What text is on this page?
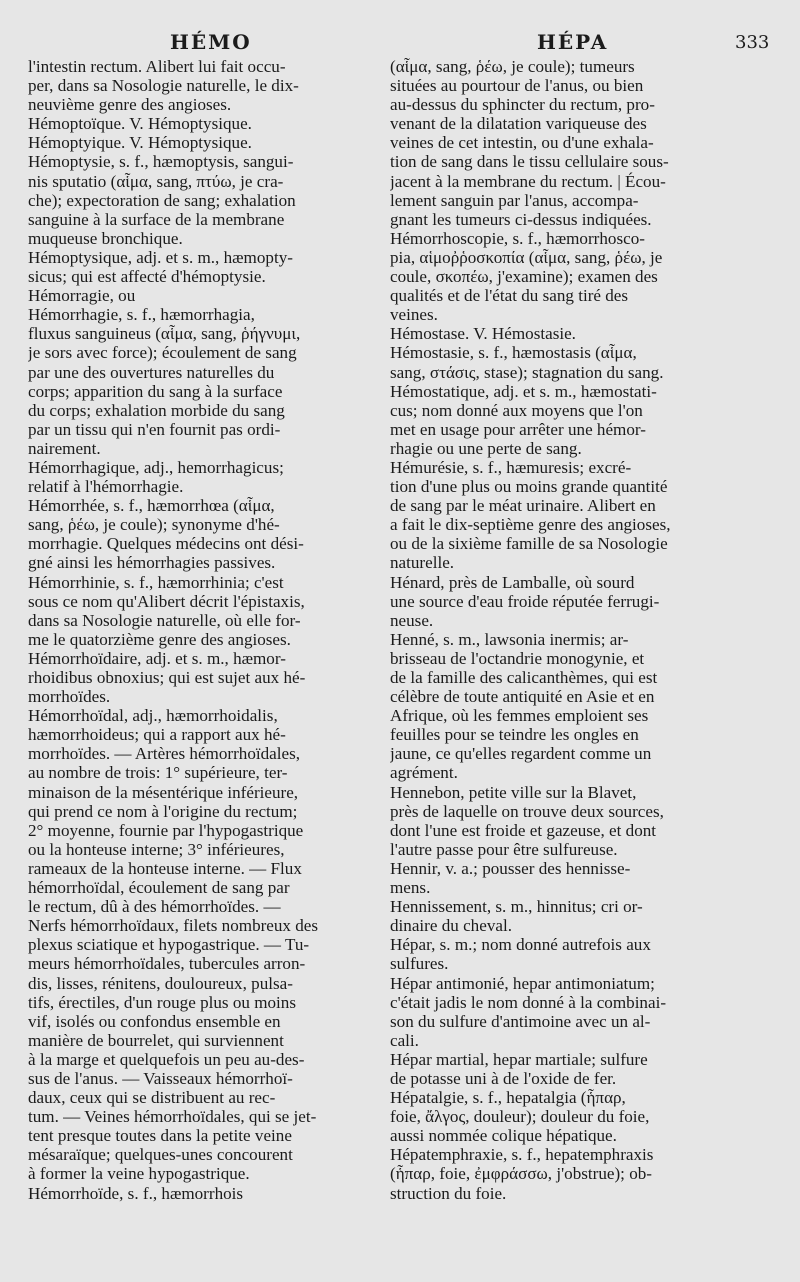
HÉMO	HÉPA	333
l'intestin rectum. Alibert lui fait occu-
per, dans sa Nosologie naturelle, le dix-
neuvième genre des angioses.
Hémoptoïque. V. Hémoptysique.
Hémoptyique. V. Hémoptysique.
Hémoptysie, s. f., hæmoptysis, sangui-
nis sputatio (αἷμα, sang, πτύω, je cra-
che); expectoration de sang; exhalation
sanguine à la surface de la membrane
muqueuse bronchique.
Hémoptysique, adj. et s. m., hæmopty-
sicus; qui est affecté d'hémoptysie.
Hémorragie, ou
Hémorrhagie, s. f., hæmorrhagia,
fluxus sanguineus (αἷμα, sang, ῥήγνυμι,
je sors avec force); écoulement de sang
par une des ouvertures naturelles du
corps; apparition du sang à la surface
du corps; exhalation morbide du sang
par un tissu qui n'en fournit pas ordi-
nairement.
Hémorrhagique, adj., hemorrhagicus;
relatif à l'hémorrhagie.
Hémorrhée, s. f., hæmorrhœa (αἷμα,
sang, ῥέω, je coule); synonyme d'hé-
morrhagie. Quelques médecins ont dési-
gné ainsi les hémorrhagies passives.
Hémorrhinie, s. f., hæmorrhinia; c'est
sous ce nom qu'Alibert décrit l'épistaxis,
dans sa Nosologie naturelle, où elle for-
me le quatorzième genre des angioses.
Hémorrhoïdaire, adj. et s. m., hæmor-
rhoidibus obnoxius; qui est sujet aux hé-
morrhoïdes.
Hémorrhoïdal, adj., hæmorrhoidalis,
hæmorrhoideus; qui a rapport aux hé-
morrhoïdes. — Artères hémorrhoïdales,
au nombre de trois: 1° supérieure, ter-
minaison de la mésentérique inférieure,
qui prend ce nom à l'origine du rectum;
2° moyenne, fournie par l'hypogastrique
ou la honteuse interne; 3° inférieures,
rameaux de la honteuse interne. — Flux
hémorrhoïdal, écoulement de sang par
le rectum, dû à des hémorrhoïdes. —
Nerfs hémorrhoïdaux, filets nombreux des
plexus sciatique et hypogastrique. — Tu-
meurs hémorrhoïdales, tubercules arron-
dis, lisses, rénitens, douloureux, pulsa-
tifs, érectiles, d'un rouge plus ou moins
vif, isolés ou confondus ensemble en
manière de bourrelet, qui surviennent
à la marge et quelquefois un peu au-des-
sus de l'anus. — Vaisseaux hémorrhoï-
daux, ceux qui se distribuent au rec-
tum. — Veines hémorrhoïdales, qui se jet-
tent presque toutes dans la petite veine
mésaraïque; quelques-unes concourent
à former la veine hypogastrique.
Hémorrhoïde, s. f., hæmorrhois
(αἷμα, sang, ῥέω, je coule); tumeurs
situées au pourtour de l'anus, ou bien
au-dessus du sphincter du rectum, pro-
venant de la dilatation variqueuse des
veines de cet intestin, ou d'une exhala-
tion de sang dans le tissu cellulaire sous-
jacent à la membrane du rectum. | Écou-
lement sanguin par l'anus, accompa-
gnant les tumeurs ci-dessus indiquées.
Hémorrhoscopie, s. f., hæmorrhosco-
pia, αἱμοῤῥοσκοπία (αἷμα, sang, ῥέω, je
coule, σκοπέω, j'examine); examen des
qualités et de l'état du sang tiré des
veines.
Hémostase. V. Hémostasie.
Hémostasie, s. f., hæmostasis (αἷμα,
sang, στάσις, stase); stagnation du sang.
Hémostatique, adj. et s. m., hæmostati-
cus; nom donné aux moyens que l'on
met en usage pour arrêter une hémor-
rhagie ou une perte de sang.
Hémurésie, s. f., hæmuresis; excré-
tion d'une plus ou moins grande quantité
de sang par le méat urinaire. Alibert en
a fait le dix-septième genre des angioses,
ou de la sixième famille de sa Nosologie
naturelle.
Hénard, près de Lamballe, où sourd
une source d'eau froide réputée ferrugi-
neuse.
Henné, s. m., lawsonia inermis; ar-
brisseau de l'octandrie monogynie, et
de la famille des calicanthèmes, qui est
célèbre de toute antiquité en Asie et en
Afrique, où les femmes emploient ses
feuilles pour se teindre les ongles en
jaune, ce qu'elles regardent comme un
agrément.
Hennebon, petite ville sur la Blavet,
près de laquelle on trouve deux sources,
dont l'une est froide et gazeuse, et dont
l'autre passe pour être sulfureuse.
Hennir, v. a.; pousser des hennisse-
mens.
Hennissement, s. m., hinnitus; cri or-
dinaire du cheval.
Hépar, s. m.; nom donné autrefois aux
sulfures.
Hépar antimonié, hepar antimoniatum;
c'était jadis le nom donné à la combinai-
son du sulfure d'antimoine avec un al-
cali.
Hépar martial, hepar martiale; sulfure
de potasse uni à de l'oxide de fer.
Hépatalgie, s. f., hepatalgia (ἧπαρ,
foie, ἄλγος, douleur); douleur du foie,
aussi nommée colique hépatique.
Hépatemphraxie, s. f., hepatemphraxis
(ἧπαρ, foie, ἐμφράσσω, j'obstrue); ob-
struction du foie.
